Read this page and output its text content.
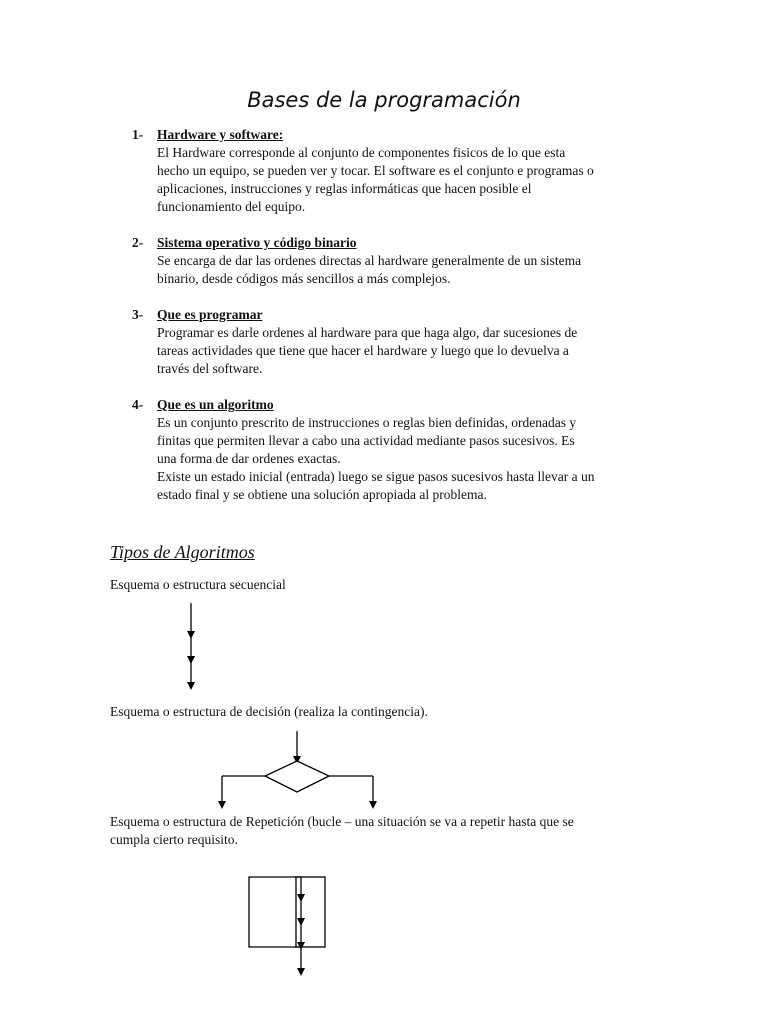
Bases de la programación
1- Hardware y software:

El Hardware corresponde al conjunto de componentes fisicos de lo que esta

hecho un equipo, se pueden ver y tocar. El software es el conjunto e programas o

aplicaciones, instrucciones y reglas informáticas que hacen posible el

funcionamiento del equipo.

2- Sistema operativo y código binario

Se encarga de dar las ordenes directas al hardware generalmente de un sistema

binario, desde códigos más sencillos a más complejos.

3- Que es programar

Programar es darle ordenes al hardware para que haga algo, dar sucesiones de

tareas actividades que tiene que hacer el hardware y luego que lo devuelva a

través del software.

4- Que es un algoritmo

Es un conjunto prescrito de instrucciones o reglas bien definidas, ordenadas y

finitas que permiten llevar a cabo una actividad mediante pasos sucesivos. Es

una forma de dar ordenes exactas.

Existe un estado inicial (entrada) luego se sigue pasos sucesivos hasta llevar a un

estado final y se obtiene una solución apropiada al problema.

Tipos de Algoritmos
Esquema o estructura secuencial
Esquema o estructura de decisión (realiza la contingencia).
Esquema o estructura de Repetición (bucle – una situación se va a repetir hasta que se
cumpla cierto requisito.
